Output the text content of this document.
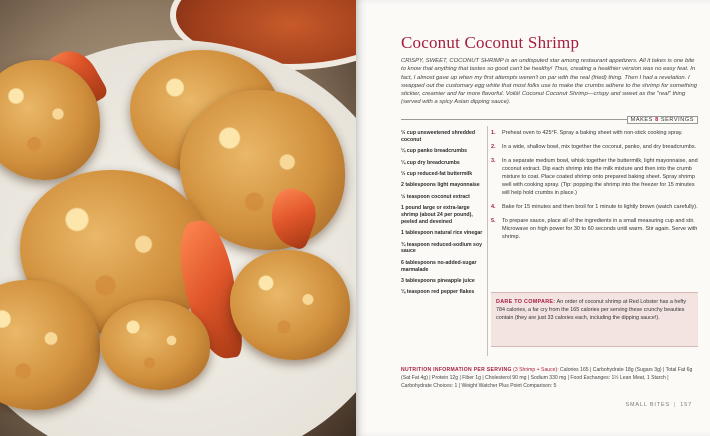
Coconut Coconut Shrimp
CRISPY, SWEET, COCONUT SHRIMP is an undisputed star among restaurant appetizers. All it takes is one bite to know that anything that tastes so good can't be healthy! Thus, creating a healthier version was no easy feat. In fact, I almost gave up when my first attempts weren't on par with the real (fried) thing. Then I had a revelation. I swapped out the customary egg white that most folks use to make the crumbs adhere to the shrimp for something stickier, creamier and far more flavorful. Voilà! Coconut Coconut Shrimp—crispy and sweet as the "real" thing (served with a spicy Asian dipping sauce).
MAKES 8 SERVINGS
⅓ cup unsweetened shredded coconut
¼ cup panko breadcrumbs
¼ cup dry breadcrumbs
⅓ cup reduced-fat buttermilk
2 tablespoons light mayonnaise
½ teaspoon coconut extract
1 pound large or extra-large shrimp (about 24 per pound), peeled and deveined
1 tablespoon natural rice vinegar
¾ teaspoon reduced-sodium soy sauce
6 tablespoons no-added-sugar marmalade
3 tablespoons pineapple juice
⅛ teaspoon red pepper flakes
1. Preheat oven to 425°F. Spray a baking sheet with non-stick cooking spray.
2. In a wide, shallow bowl, mix together the coconut, panko, and dry breadcrumbs.
3. In a separate medium bowl, whisk together the buttermilk, light mayonnaise, and coconut extract. Dip each shrimp into the milk mixture and then into the crumb mixture to coat. Place coated shrimp onto prepared baking sheet. Spray shrimp well with cooking spray. (Tip: popping the shrimp into the freezer for 15 minutes will help hold crumbs in place.)
4. Bake for 15 minutes and then broil for 1 minute to lightly brown (watch carefully).
5. To prepare sauce, place all of the ingredients in a small measuring cup and stir. Microwave on high power for 30 to 60 seconds until warm. Stir again. Serve with shrimp.
DARE TO COMPARE: An order of coconut shrimp at Red Lobster has a hefty 784 calories, a far cry from the 165 calories per serving these crunchy beauties contain (they are just 33 calories each, including the dipping sauce!).
NUTRITION INFORMATION PER SERVING (3 Shrimp + Sauce): Calories 165 | Carbohydrate 18g (Sugars 3g) | Total Fat 6g (Sat Fat 4g) | Protein 12g | Fiber 1g | Cholesterol 90 mg | Sodium 330 mg | Food Exchanges: 1½ Lean Meat, 1 Starch | Carbohydrate Choices: 1 | Weight Watcher Plus Point Comparison: 5
SMALL BITES | 157
